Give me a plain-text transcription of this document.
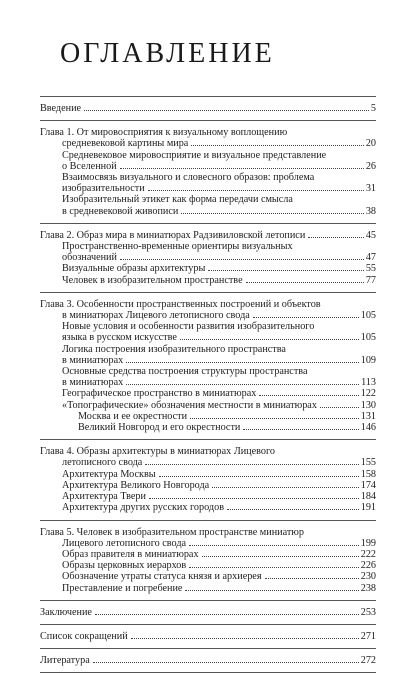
ОГЛАВЛЕНИЕ
Введение	5
Глава 1. От мировосприятия к визуальному воплощению
средневековой картины мира	20
Средневековое мировосприятие и визуальное представление
о Вселенной	26
Взаимосвязь визуального и словесного образов: проблема
изобразительности	31
Изобразительный этикет как форма передачи смысла
в средневековой живописи	38
Глава 2. Образ мира в миниатюрах Радзивиловской летописи	45
Пространственно-временные ориентиры визуальных
обозначений	47
Визуальные образы архитектуры	55
Человек в изобразительном пространстве	77
Глава 3. Особенности пространственных построений и объектов
в миниатюрах Лицевого летописного свода	105
Новые условия и особенности развития изобразительного
языка в русском искусстве	105
Логика построения изобразительного пространства
в миниатюрах	109
Основные средства построения структуры пространства
в миниатюрах	113
Географическое пространство в миниатюрах	122
«Топографические» обозначения местности в миниатюрах	130
Москва и ее окрестности	131
Великий Новгород и его окрестности	146
Глава 4. Образы архитектуры в миниатюрах Лицевого
летописного свода	155
Архитектура Москвы	158
Архитектура Великого Новгорода	174
Архитектура Твери	184
Архитектура других русских городов	191
Глава 5. Человек в изобразительном пространстве миниатюр
Лицевого летописного свода	199
Образ правителя в миниатюрах	222
Образы церковных иерархов	226
Обозначение утраты статуса князя и архиерея	230
Преставление и погребение	238
Заключение	253
Список сокращений	271
Литература	272
